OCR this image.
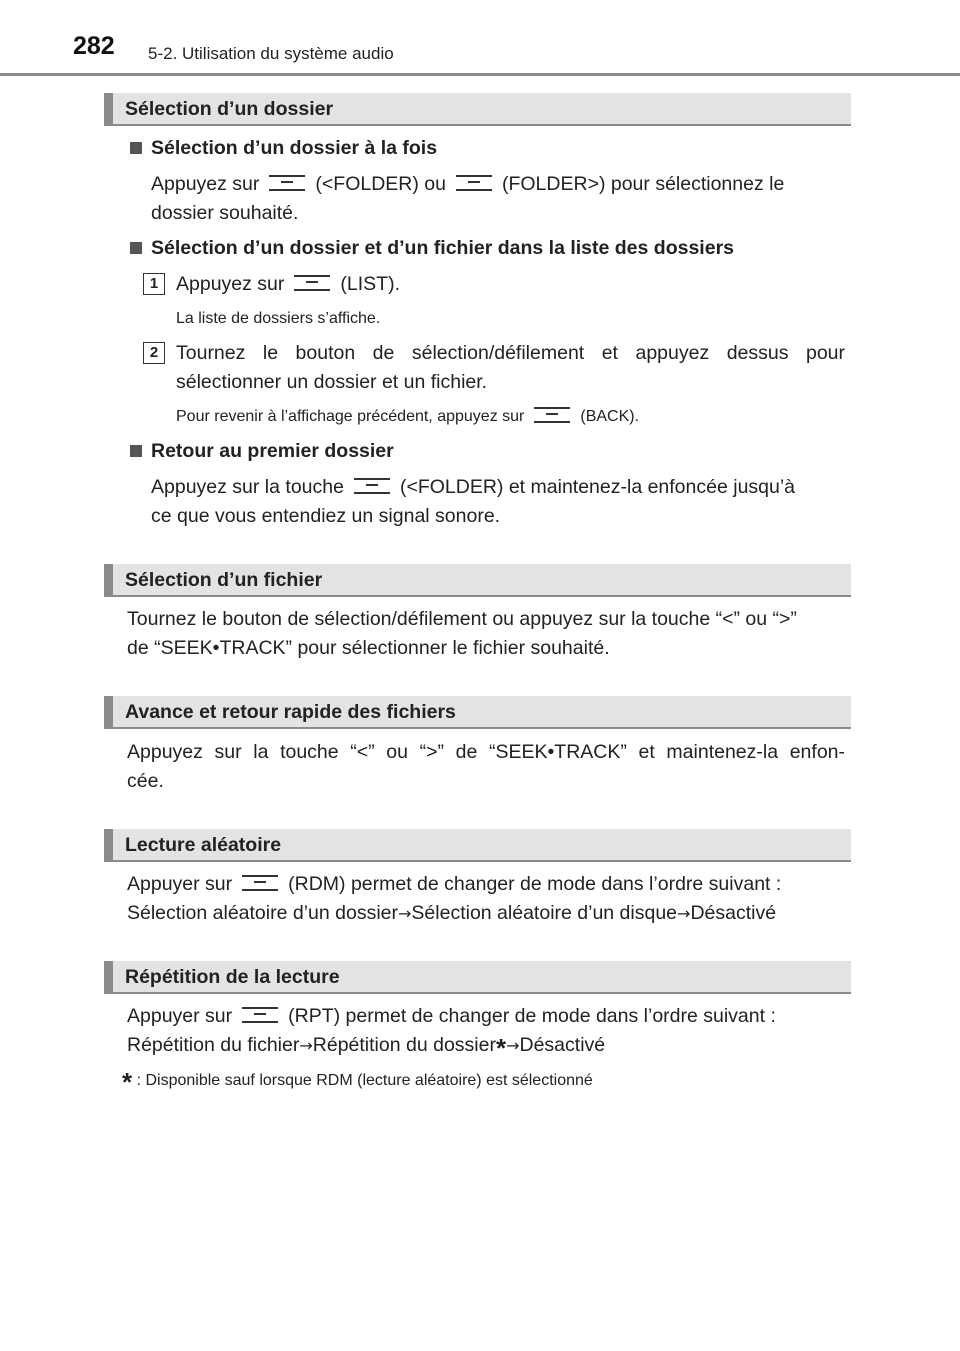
282 5-2. Utilisation du système audio
Sélection d’un dossier
Sélection d’un dossier à la fois
Appuyez sur	(<FOLDER) ou	(FOLDER>) pour sélectionnez le
dossier souhaité.
Sélection d’un dossier et d’un fichier dans la liste des dossiers
1 Appuyez sur	(LIST).
La liste de dossiers s’affiche.
2 Tournez le bouton de sélection/défilement et appuyez dessus pour
sélectionner un dossier et un fichier.
Pour revenir à l’affichage précédent, appuyez sur	(BACK).
Retour au premier dossier
Appuyez sur la touche	(<FOLDER) et maintenez-la enfoncée jusqu’à
ce que vous entendiez un signal sonore.
Sélection d’un fichier
Tournez le bouton de sélection/défilement ou appuyez sur la touche “<” ou “>”
de “SEEK•TRACK” pour sélectionner le fichier souhaité.
Avance et retour rapide des fichiers
Appuyez sur la touche “<” ou “>” de “SEEK•TRACK” et maintenez-la enfon-
cée.
Lecture aléatoire
Appuyer sur	(RDM) permet de changer de mode dans l’ordre suivant :
Sélection aléatoire d’un dossier→Sélection aléatoire d’un disque→Désactivé
Répétition de la lecture
Appuyer sur	(RPT) permet de changer de mode dans l’ordre suivant :
Répétition du fichier→Répétition du dossier*→Désactivé
* : Disponible sauf lorsque RDM (lecture aléatoire) est sélectionné
